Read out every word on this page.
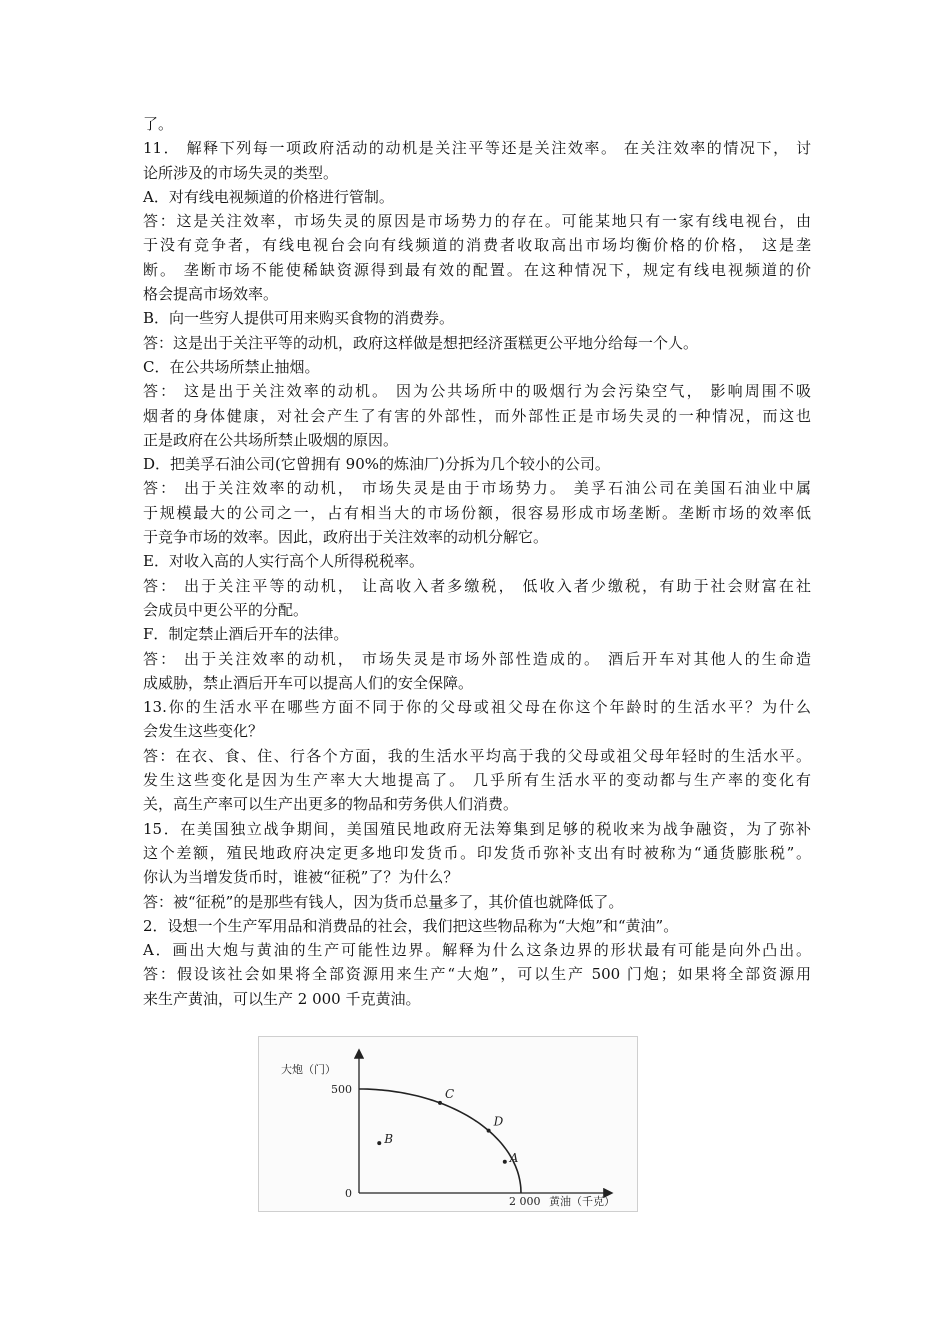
了。
11． 解释下列每一项政府活动的动机是关注平等还是关注效率。 在关注效率的情况下， 讨
论所涉及的市场失灵的类型。
A．对有线电视频道的价格进行管制。
答：这是关注效率，市场失灵的原因是市场势力的存在。可能某地只有一家有线电视台，由
于没有竞争者，有线电视台会向有线频道的消费者收取高出市场均衡价格的价格， 这是垄
断。 垄断市场不能使稀缺资源得到最有效的配置。在这种情况下，规定有线电视频道的价
格会提高市场效率。
B．向一些穷人提供可用来购买食物的消费券。
答：这是出于关注平等的动机，政府这样做是想把经济蛋糕更公平地分给每一个人。
C．在公共场所禁止抽烟。
答： 这是出于关注效率的动机。 因为公共场所中的吸烟行为会污染空气， 影响周围不吸
烟者的身体健康，对社会产生了有害的外部性，而外部性正是市场失灵的一种情况，而这也
正是政府在公共场所禁止吸烟的原因。
D．把美孚石油公司(它曾拥有 90%的炼油厂)分拆为几个较小的公司。
答： 出于关注效率的动机， 市场失灵是由于市场势力。 美孚石油公司在美国石油业中属
于规模最大的公司之一，占有相当大的市场份额，很容易形成市场垄断。垄断市场的效率低
于竞争市场的效率。因此，政府出于关注效率的动机分解它。
E．对收入高的人实行高个人所得税税率。
答： 出于关注平等的动机， 让高收入者多缴税， 低收入者少缴税，有助于社会财富在社
会成员中更公平的分配。
F．制定禁止酒后开车的法律。
答： 出于关注效率的动机， 市场失灵是市场外部性造成的。 酒后开车对其他人的生命造
成威胁，禁止酒后开车可以提高人们的安全保障。
13.你的生活水平在哪些方面不同于你的父母或祖父母在你这个年龄时的生活水平？为什么
会发生这些变化？
答：在衣、食、住、行各个方面，我的生活水平均高于我的父母或祖父母年轻时的生活水平。
发生这些变化是因为生产率大大地提高了。 几乎所有生活水平的变动都与生产率的变化有
关，高生产率可以生产出更多的物品和劳务供人们消费。
15．在美国独立战争期间，美国殖民地政府无法筹集到足够的税收来为战争融资，为了弥补
这个差额，殖民地政府决定更多地印发货币。印发货币弥补支出有时被称为“通货膨胀税”。
你认为当增发货币时，谁被“征税”了？为什么？
答：被“征税”的是那些有钱人，因为货币总量多了，其价值也就降低了。
2．设想一个生产军用品和消费品的社会，我们把这些物品称为“大炮”和“黄油”。
A．画出大炮与黄油的生产可能性边界。解释为什么这条边界的形状最有可能是向外凸出。
答：假设该社会如果将全部资源用来生产“大炮”，可以生产 500 门炮；如果将全部资源用
来生产黄油，可以生产 2 000 千克黄油。
大炮（门）
黄油（千克）
0
500
2 000
C
B
D
A
